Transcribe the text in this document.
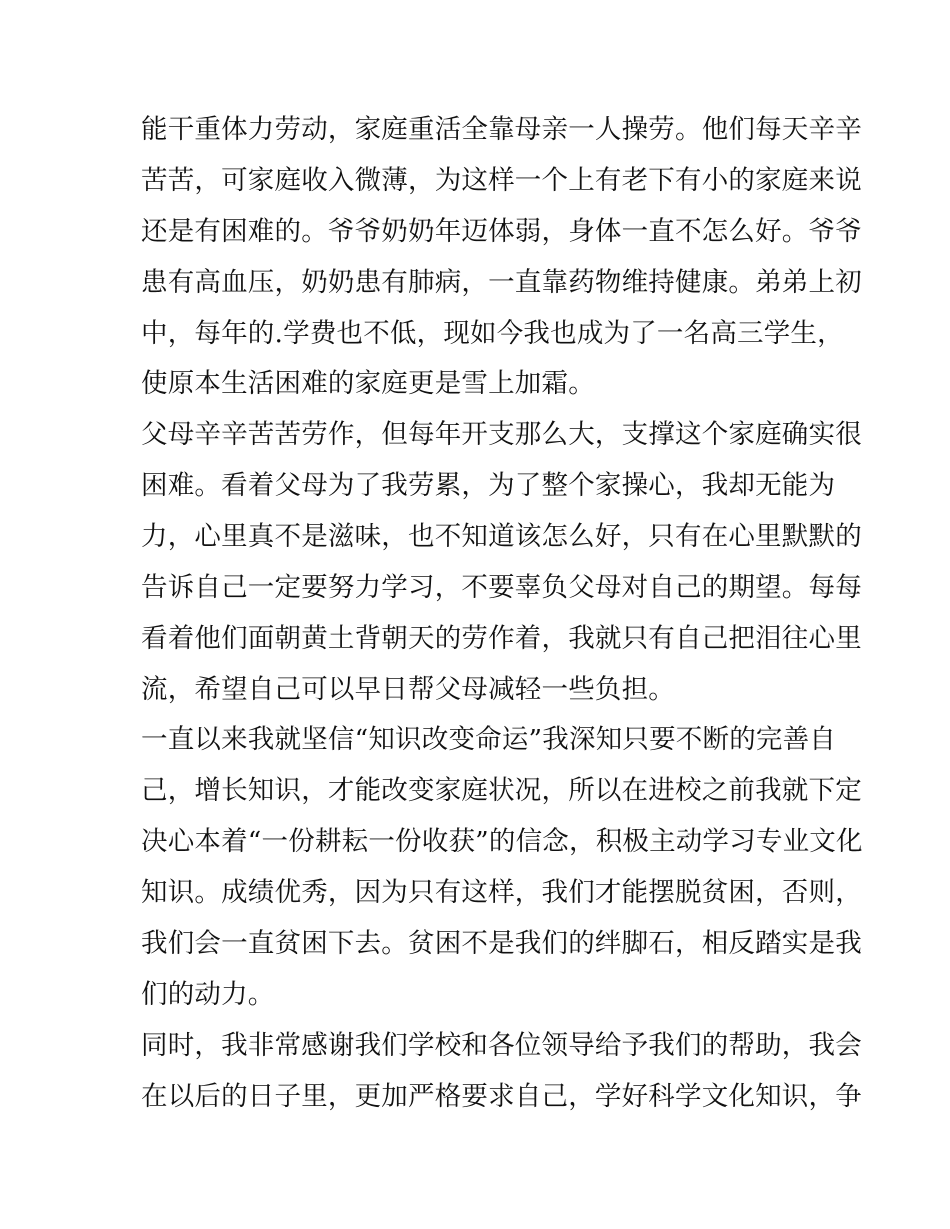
能干重体力劳动，家庭重活全靠母亲一人操劳。他们每天辛辛
苦苦，可家庭收入微薄，为这样一个上有老下有小的家庭来说
还是有困难的。爷爷奶奶年迈体弱，身体一直不怎么好。爷爷
患有高血压，奶奶患有肺病，一直靠药物维持健康。弟弟上初
中，每年的.学费也不低，现如今我也成为了一名高三学生，
使原本生活困难的家庭更是雪上加霜。
父母辛辛苦苦劳作，但每年开支那么大，支撑这个家庭确实很
困难。看着父母为了我劳累，为了整个家操心，我却无能为
力，心里真不是滋味，也不知道该怎么好，只有在心里默默的
告诉自己一定要努力学习，不要辜负父母对自己的期望。每每
看着他们面朝黄土背朝天的劳作着，我就只有自己把泪往心里
流，希望自己可以早日帮父母减轻一些负担。
一直以来我就坚信“知识改变命运”我深知只要不断的完善自
己，增长知识，才能改变家庭状况，所以在进校之前我就下定
决心本着“一份耕耘一份收获”的信念，积极主动学习专业文化
知识。成绩优秀，因为只有这样，我们才能摆脱贫困，否则，
我们会一直贫困下去。贫困不是我们的绊脚石，相反踏实是我
们的动力。
同时，我非常感谢我们学校和各位领导给予我们的帮助，我会
在以后的日子里，更加严格要求自己，学好科学文化知识，争
